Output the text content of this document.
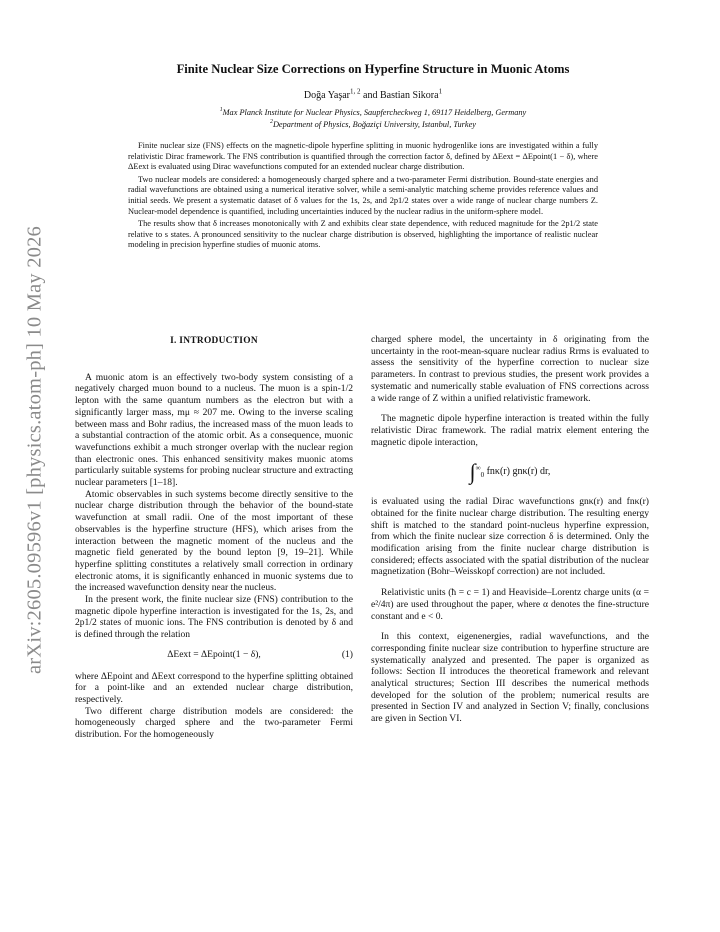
arXiv:2605.09596v1 [physics.atom-ph] 10 May 2026
Finite Nuclear Size Corrections on Hyperfine Structure in Muonic Atoms
Doğa Yaşar$^{1, 2}$ and Bastian Sikora$^1$
$^1$Max Planck Institute for Nuclear Physics, Saupfercheckweg 1, 69117 Heidelberg, Germany
$^2$Department of Physics, Boğaziçi University, Istanbul, Turkey

Finite nuclear size (FNS) effects on the magnetic-dipole hyperfine splitting in muonic hydrogenlike ions are investigated within a fully relativistic Dirac framework. The FNS contribution is quantified through the correction factor δ, defined by ΔEext = ΔEpoint(1 − δ), where ΔEext is evaluated using Dirac wavefunctions computed for an extended nuclear charge distribution.

Two nuclear models are considered: a homogeneously charged sphere and a two-parameter Fermi distribution. Bound-state energies and radial wavefunctions are obtained using a numerical iterative solver, while a semi-analytic matching scheme provides reference values and initial seeds. We present a systematic dataset of δ values for the 1s, 2s, and 2p1/2 states over a wide range of nuclear charge numbers Z. Nuclear-model dependence is quantified, including uncertainties induced by the nuclear radius in the uniform-sphere model.

The results show that δ increases monotonically with Z and exhibits clear state dependence, with reduced magnitude for the 2p1/2 state relative to s states. A pronounced sensitivity to the nuclear charge distribution is observed, highlighting the importance of realistic nuclear modeling in precision hyperfine studies of muonic atoms.

I. INTRODUCTION

A muonic atom is an effectively two-body system consisting of a negatively charged muon bound to a nucleus. The muon is a spin-1/2 lepton with the same quantum numbers as the electron but with a significantly larger mass, mμ ≈ 207 me. Owing to the inverse scaling between mass and Bohr radius, the increased mass of the muon leads to a substantial contraction of the atomic orbit. As a consequence, muonic wavefunctions exhibit a much stronger overlap with the nuclear region than electronic ones. This enhanced sensitivity makes muonic atoms particularly suitable systems for probing nuclear structure and extracting nuclear parameters [1–18].

Atomic observables in such systems become directly sensitive to the nuclear charge distribution through the behavior of the bound-state wavefunction at small radii. One of the most important of these observables is the hyperfine structure (HFS), which arises from the interaction between the magnetic moment of the nucleus and the magnetic field generated by the bound lepton [9, 19–21]. While hyperfine splitting constitutes a relatively small correction in ordinary electronic atoms, it is significantly enhanced in muonic systems due to the increased wavefunction density near the nucleus.

In the present work, the finite nuclear size (FNS) contribution to the magnetic dipole hyperfine interaction is investigated for the 1s, 2s, and 2p1/2 states of muonic ions. The FNS contribution is denoted by δ and is defined through the relation

ΔEext = ΔEpoint(1 − δ),	(1)

where ΔEpoint and ΔEext correspond to the hyperfine splitting obtained for a point-like and an extended nuclear charge distribution, respectively.

Two different charge distribution models are considered: the homogeneously charged sphere and the two-parameter Fermi distribution. For the homogeneously

charged sphere model, the uncertainty in δ originating from the uncertainty in the root-mean-square nuclear radius Rrms is evaluated to assess the sensitivity of the hyperfine correction to nuclear size parameters. In contrast to previous studies, the present work provides a systematic and numerically stable evaluation of FNS corrections across a wide range of Z within a unified relativistic framework.

The magnetic dipole hyperfine interaction is treated within the fully relativistic Dirac framework. The radial matrix element entering the magnetic dipole interaction,

$\int^\infty_0$ fnκ(r) gnκ(r) dr,

is evaluated using the radial Dirac wavefunctions gnκ(r) and fnκ(r) obtained for the finite nuclear charge distribution. The resulting energy shift is matched to the standard point-nucleus hyperfine expression, from which the finite nuclear size correction δ is determined. Only the modification arising from the finite nuclear charge distribution is considered; effects associated with the spatial distribution of the nuclear magnetization (Bohr–Weisskopf correction) are not included.

Relativistic units (ħ = c = 1) and Heaviside–Lorentz charge units (α = e²/4π) are used throughout the paper, where α denotes the fine-structure constant and e < 0.

In this context, eigenenergies, radial wavefunctions, and the corresponding finite nuclear size contribution to hyperfine structure are systematically analyzed and presented. The paper is organized as follows: Section II introduces the theoretical framework and relevant analytical structures; Section III describes the numerical methods developed for the solution of the problem; numerical results are presented in Section IV and analyzed in Section V; finally, conclusions are given in Section VI.
